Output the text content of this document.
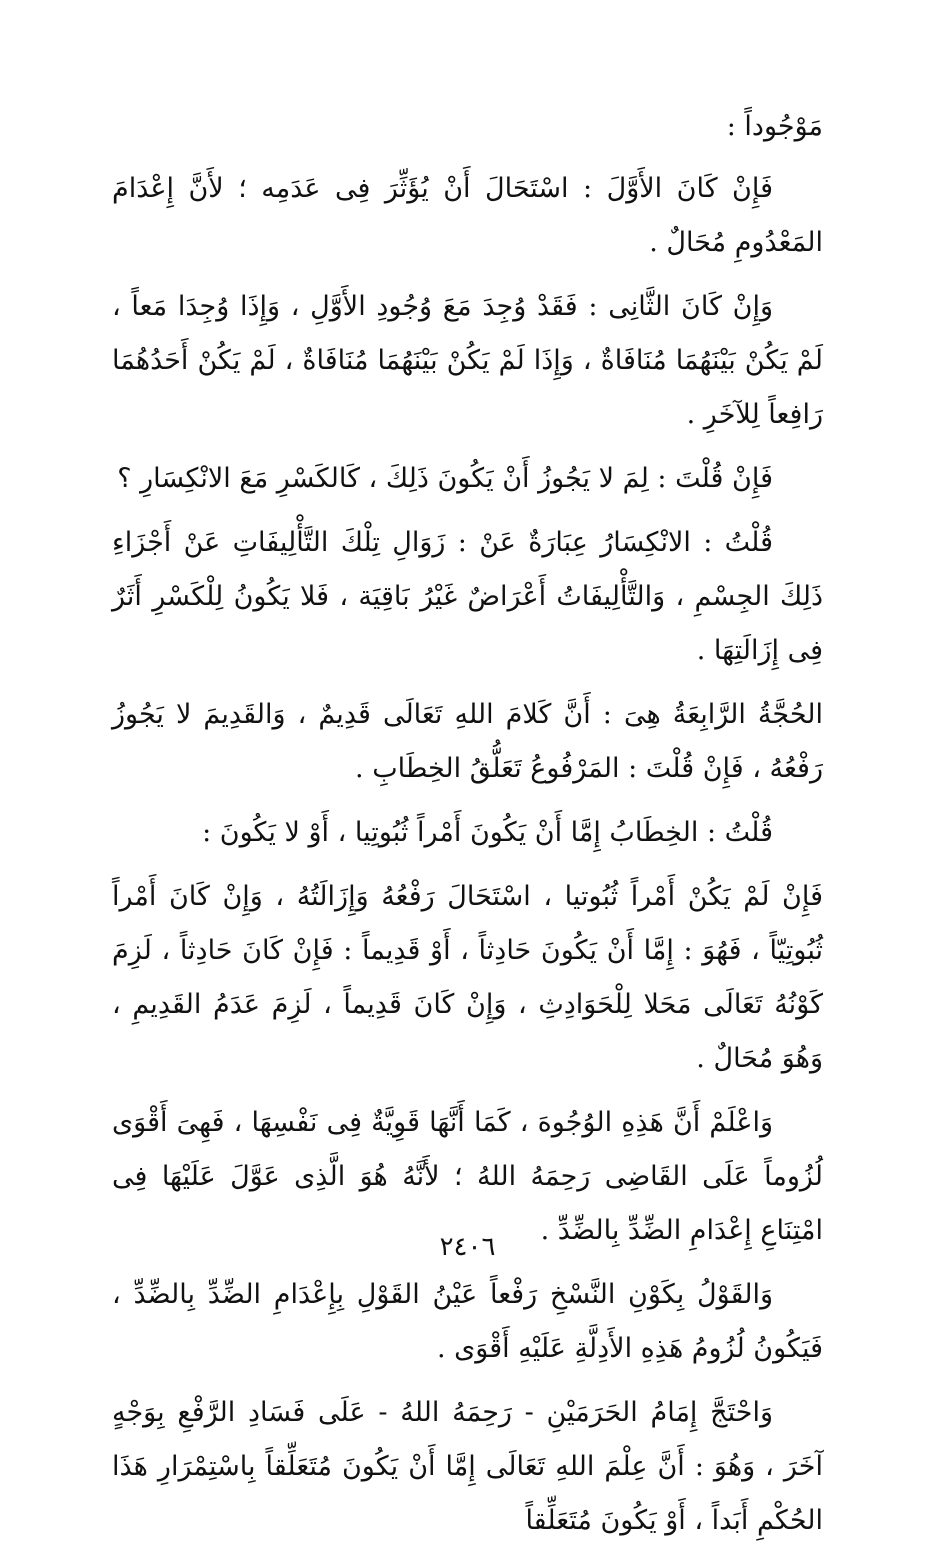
مَوْجُوداً :

فَإِنْ كَانَ الأَوَّلَ : اسْتَحَالَ أَنْ يُؤَثِّرَ فِى عَدَمِه ؛ لأَنَّ إِعْدَامَ المَعْدُومِ مُحَالٌ .

وَإِنْ كَانَ الثَّانِى : فَقَدْ وُجِدَ مَعَ وُجُودِ الأَوَّلِ ، وَإِذَا وُجِدَا مَعاً ، لَمْ يَكُنْ بَيْنَهُمَا مُنَافَاةٌ ، وَإِذَا لَمْ يَكُنْ بَيْنَهُمَا مُنَافَاةٌ ، لَمْ يَكُنْ أَحَدُهُمَا رَافِعاً لِلآخَرِ .

فَإِنْ قُلْتَ : لِمَ لا يَجُوزُ أَنْ يَكُونَ ذَلِكَ ، كَالكَسْرِ مَعَ الانْكِسَارِ ؟

قُلْتُ : الانْكِسَارُ عِبَارَةٌ عَنْ : زَوَالِ تِلْكَ التَّأْلِيفَاتِ عَنْ أَجْزَاءِ ذَلِكَ الجِسْمِ ، وَالتَّأْلِيفَاتُ أَعْرَاضٌ غَيْرُ بَاقِيَة ، فَلا يَكُونُ لِلْكَسْرِ أَثَرٌ فِى إِزَالَتِهَا .

الحُجَّةُ الرَّابِعَةُ هِىَ : أَنَّ كَلامَ اللهِ تَعَالَى قَدِيمٌ ، وَالقَدِيمَ لا يَجُوزُ رَفْعُهُ ، فَإِنْ قُلْتَ : المَرْفُوعُ تَعَلُّقُ الخِطَابِ .

قُلْتُ : الخِطَابُ إِمَّا أَنْ يَكُونَ أَمْراً ثُبُوتِيا ، أَوْ لا يَكُونَ :

فَإِنْ لَمْ يَكُنْ أَمْراً ثُبُوتيا ، اسْتَحَالَ رَفْعُهُ وَإِزَالَتُهُ ، وَإِنْ كَانَ أَمْراً ثُبُوتِيّاً ، فَهُوَ : إِمَّا أَنْ يَكُونَ حَادِثاً ، أَوْ قَدِيماً : فَإِنْ كَانَ حَادِثاً ، لَزِمَ كَوْنُهُ تَعَالَى مَحَلا لِلْحَوَادِثِ ، وَإِنْ كَانَ قَدِيماً ، لَزِمَ عَدَمُ القَدِيمِ ، وَهُوَ مُحَالٌ .

وَاعْلَمْ أَنَّ هَذِهِ الوُجُوهَ ، كَمَا أَنَّهَا قَوِيَّةٌ فِى نَفْسِهَا ، فَهِىَ أَقْوَى لُزُوماً عَلَى القَاضِى رَحِمَهُ اللهُ ؛ لأَنَّهُ هُوَ الَّذِى عَوَّلَ عَلَيْهَا فِى امْتِنَاعِ إِعْدَامِ الضِّدِّ بِالضِّدِّ .

وَالقَوْلُ بِكَوْنِ النَّسْخِ رَفْعاً عَيْنُ القَوْلِ بِإِعْدَامِ الضِّدِّ بِالضِّدِّ ، فَيَكُونُ لُزُومُ هَذِهِ الأَدِلَّةِ عَلَيْهِ أَقْوَى .

وَاحْتَجَّ إِمَامُ الحَرَمَيْنِ - رَحِمَهُ اللهُ - عَلَى فَسَادِ الرَّفْعِ بِوَجْهٍ آخَرَ ، وَهُوَ : أَنَّ عِلْمَ اللهِ تَعَالَى إِمَّا أَنْ يَكُونَ مُتَعَلِّقاً بِاسْتِمْرَارِ هَذَا الحُكْمِ أَبَداً ، أَوْ يَكُونَ مُتَعَلِّقاً

٢٤٠٦
